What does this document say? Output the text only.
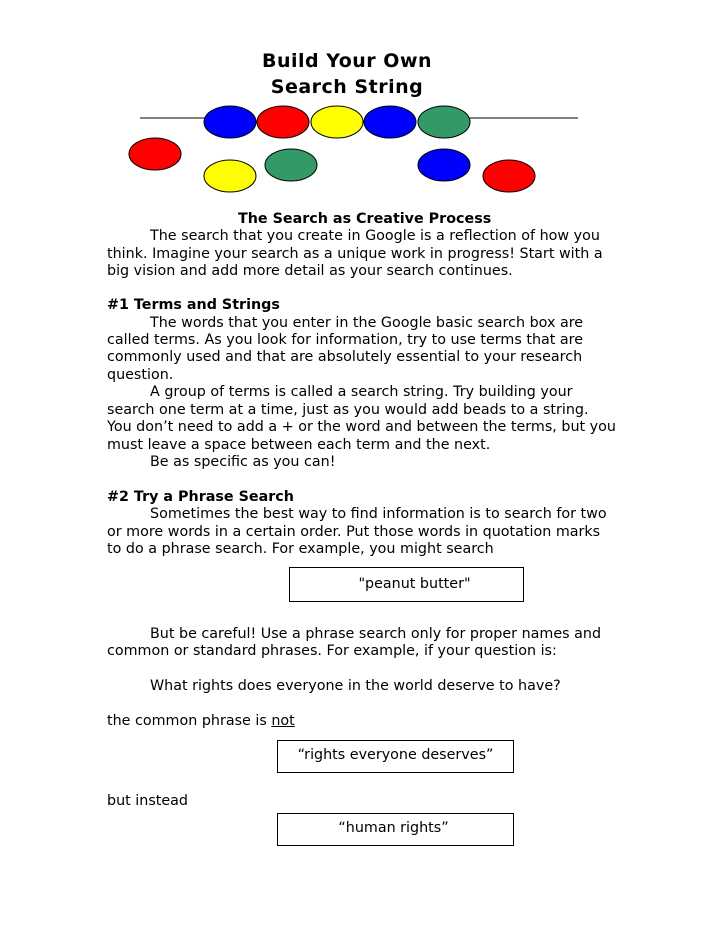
Build Your Own
Search String
The Search as Creative Process
The search that you create in Google is a reflection of how you
think. Imagine your search as a unique work in progress! Start with a
big vision and add more detail as your search continues.
#1 Terms and Strings
The words that you enter in the Google basic search box are
called terms. As you look for information, try to use terms that are
commonly used and that are absolutely essential to your research
question.
A group of terms is called a search string. Try building your
search one term at a time, just as you would add beads to a string.
You don’t need to add a + or the word and between the terms, but you
must leave a space between each term and the next.
Be as specific as you can!
#2 Try a Phrase Search
Sometimes the best way to find information is to search for two
or more words in a certain order. Put those words in quotation marks
to do a phrase search. For example, you might search
"peanut butter"
But be careful! Use a phrase search only for proper names and
common or standard phrases. For example, if your question is:
What rights does everyone in the world deserve to have?
the common phrase is not
“rights everyone deserves”
but instead
“human rights”
